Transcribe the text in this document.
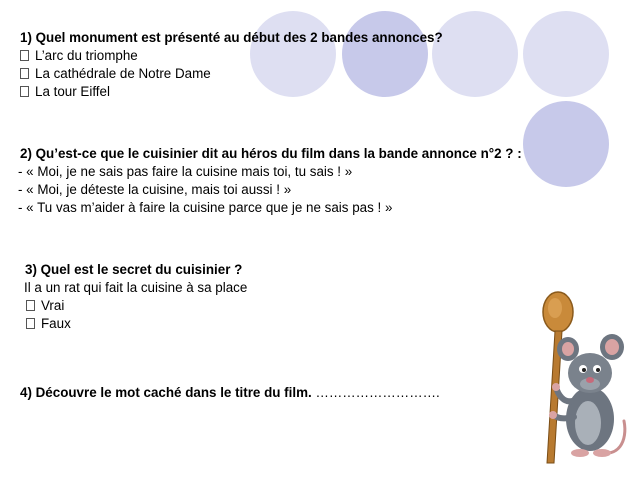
1) Quel monument est présenté au début des 2 bandes annonces?
L’arc du triomphe
La cathédrale de Notre Dame
La tour Eiffel
2) Qu’est-ce que le cuisinier dit au héros du film dans la bande annonce n°2 ? :
- « Moi, je ne sais pas faire la cuisine mais toi, tu sais ! »
- « Moi, je déteste la cuisine, mais toi aussi ! »
- « Tu vas m’aider à faire la cuisine parce que je ne sais pas ! »
3) Quel est le secret du cuisinier ?
Il a un rat qui fait la cuisine à sa place
Vrai
Faux
4) Découvre le mot caché dans le titre du film. ……………………….
